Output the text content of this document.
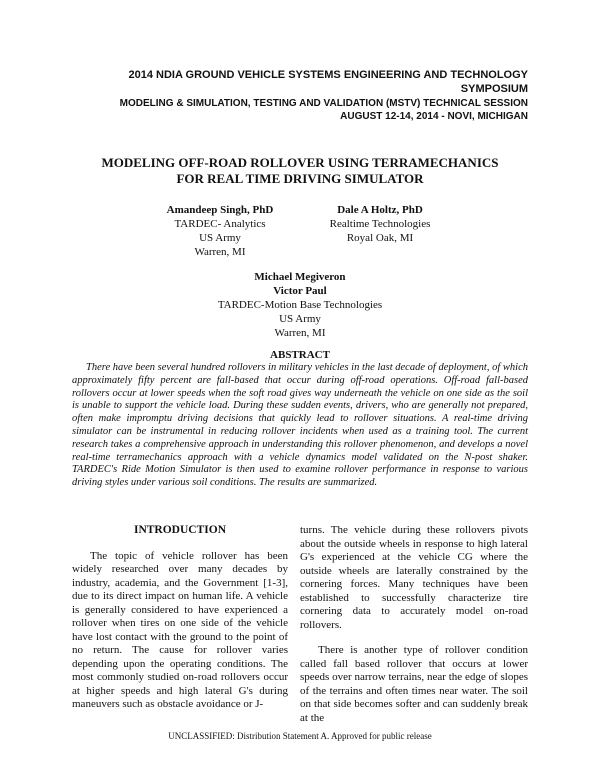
2014 NDIA GROUND VEHICLE SYSTEMS ENGINEERING AND TECHNOLOGY
SYMPOSIUM
MODELING & SIMULATION, TESTING AND VALIDATION (MSTV) TECHNICAL SESSION
AUGUST 12-14, 2014 - NOVI, MICHIGAN
MODELING OFF-ROAD ROLLOVER USING TERRAMECHANICS
FOR REAL TIME DRIVING SIMULATOR
Amandeep Singh, PhD
TARDEC- Analytics
US Army
Warren, MI
Dale A Holtz, PhD
Realtime Technologies
Royal Oak, MI
Michael Megiveron
Victor Paul
TARDEC-Motion Base Technologies
US Army
Warren, MI
ABSTRACT

There have been several hundred rollovers in military vehicles in the last decade of deployment, of which approximately fifty percent are fall-based that occur during off-road operations. Off-road fall-based rollovers occur at lower speeds when the soft road gives way underneath the vehicle on one side as the soil is unable to support the vehicle load. During these sudden events, drivers, who are generally not prepared, often make impromptu driving decisions that quickly lead to rollover situations. A real-time driving simulator can be instrumental in reducing rollover incidents when used as a training tool. The current research takes a comprehensive approach in understanding this rollover phenomenon, and develops a novel real-time terramechanics approach with a vehicle dynamics model validated on the N-post shaker. TARDEC's Ride Motion Simulator is then used to examine rollover performance in response to various driving styles under various soil conditions. The results are summarized.

INTRODUCTION

The topic of vehicle rollover has been widely researched over many decades by industry, academia, and the Government [1-3], due to its direct impact on human life. A vehicle is generally considered to have experienced a rollover when tires on one side of the vehicle have lost contact with the ground to the point of no return. The cause for rollover varies depending upon the operating conditions. The most commonly studied on-road rollovers occur at higher speeds and high lateral G's during maneuvers such as obstacle avoidance or J-

turns. The vehicle during these rollovers pivots about the outside wheels in response to high lateral G's experienced at the vehicle CG where the outside wheels are laterally constrained by the cornering forces. Many techniques have been established to successfully characterize tire cornering data to accurately model on-road rollovers.

There is another type of rollover condition called fall based rollover that occurs at lower speeds over narrow terrains, near the edge of slopes of the terrains and often times near water. The soil on that side becomes softer and can suddenly break at the

UNCLASSIFIED: Distribution Statement A. Approved for public release
